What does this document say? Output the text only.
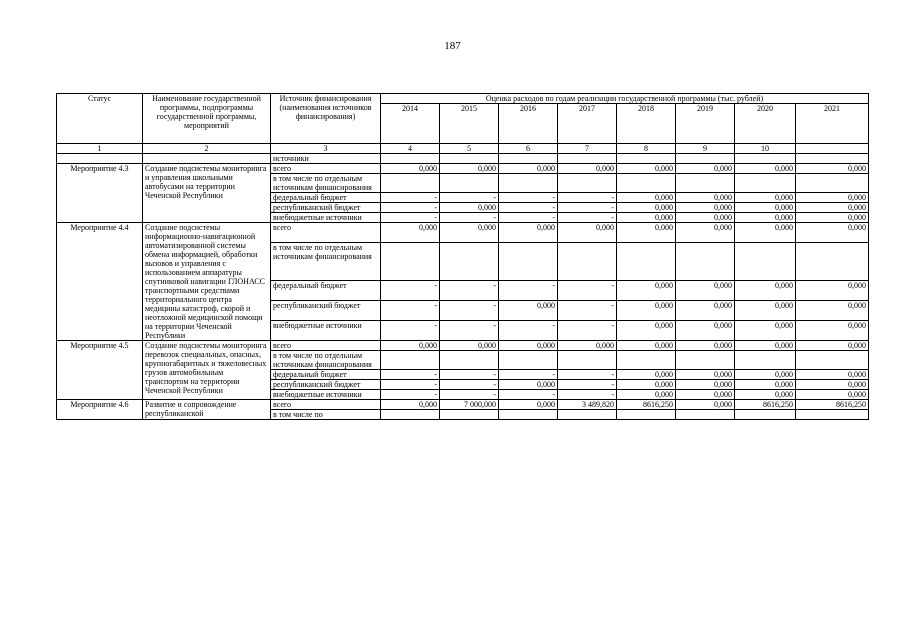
187
Статус	Наименование государственной программы, подпрограммы государственной программы, мероприятий	Источник финансирования (наименования источников финансирования)	Оценка расходов по годам реализации государственной программы (тыс. рублей)							
			2014	2015	2016	2017	2018	2019	2020	2021
1	2	3	4	5	6	7	8	9	10	
		источники								
Мероприятие 4.3	Создание подсистемы мониторинга и управления школьными автобусами на территории Чеченской Республики	всего	0,000	0,000	0,000	0,000	0,000	0,000	0,000	0,000
		в том числе по отдельным источникам финансирования								
		федеральный бюджет	-	-	-	-	0,000	0,000	0,000	0,000
		республиканский бюджет	-	0,000	-	-	0,000	0,000	0,000	0,000
		внебюджетные источники	-	-	-	-	0,000	0,000	0,000	0,000
Мероприятие 4.4	Создание подсистемы информационно-навигационной автоматизированной системы обмена информацией, обработки вызовов и управления с использованием аппаратуры спутниковой навигации ГЛОНАСС транспортными средствами территориального центра медицины катастроф, скорой и неотложной медицинской помощи на территории Чеченской Республики	всего	0,000	0,000	0,000	0,000	0,000	0,000	0,000	0,000
		в том числе по отдельным источникам финансирования								
		федеральный бюджет	-	-	-	-	0,000	0,000	0,000	0,000
		республиканский бюджет	-	-	0,000	-	0,000	0,000	0,000	0,000
		внебюджетные источники	-	-	-	-	0,000	0,000	0,000	0,000
Мероприятие 4.5	Создание подсистемы мониторинга перевозок специальных, опасных, крупногабаритных и тяжеловесных грузов автомобильным транспортом на территории Чеченской Республики	всего	0,000	0,000	0,000	0,000	0,000	0,000	0,000	0,000
		в том числе по отдельным источникам финансирования								
		федеральный бюджет	-	-	-	-	0,000	0,000	0,000	0,000
		республиканский бюджет	-	-	0,000	-	0,000	0,000	0,000	0,000
		внебюджетные источники	-	-	-	-	0,000	0,000	0,000	0,000
Мероприятие 4.6	Развитие и сопровождение республиканской	всего	0,000	7 000,000	0,000	3 489,820	8616,250	0,000	8616,250	8616,250
		в том числе по								
